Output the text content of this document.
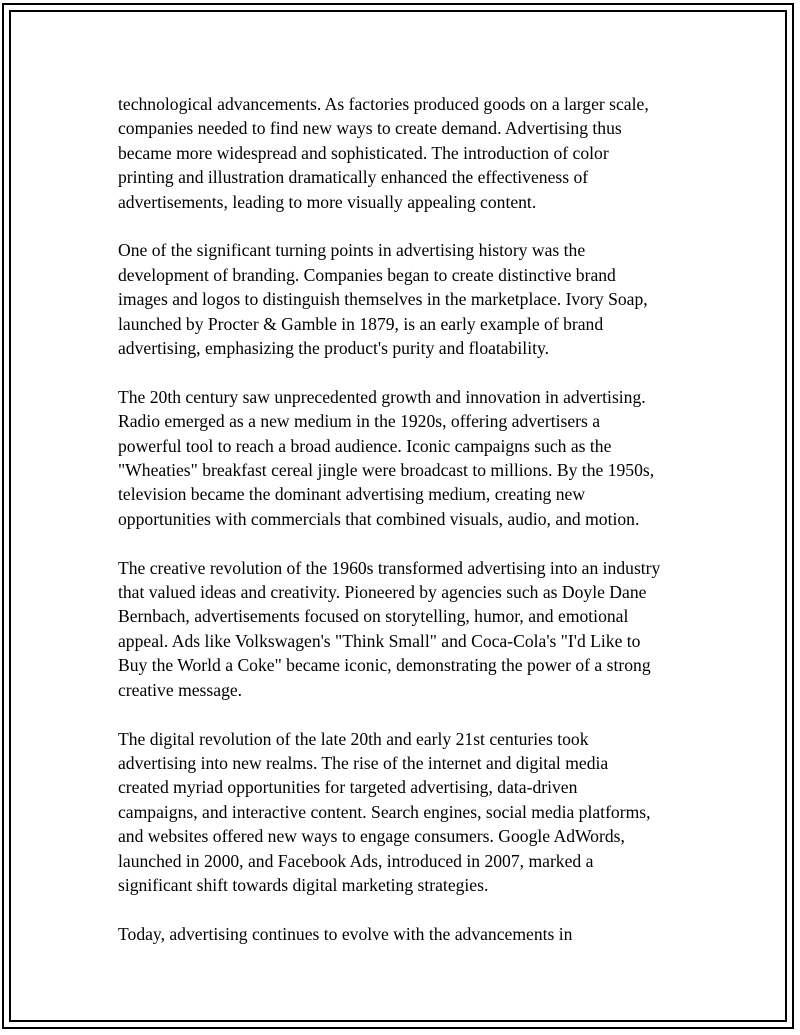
technological advancements. As factories produced goods on a larger scale,
companies needed to find new ways to create demand. Advertising thus
became more widespread and sophisticated. The introduction of color
printing and illustration dramatically enhanced the effectiveness of
advertisements, leading to more visually appealing content.

One of the significant turning points in advertising history was the
development of branding. Companies began to create distinctive brand
images and logos to distinguish themselves in the marketplace. Ivory Soap,
launched by Procter & Gamble in 1879, is an early example of brand
advertising, emphasizing the product's purity and floatability.

The 20th century saw unprecedented growth and innovation in advertising.
Radio emerged as a new medium in the 1920s, offering advertisers a
powerful tool to reach a broad audience. Iconic campaigns such as the
"Wheaties" breakfast cereal jingle were broadcast to millions. By the 1950s,
television became the dominant advertising medium, creating new
opportunities with commercials that combined visuals, audio, and motion.

The creative revolution of the 1960s transformed advertising into an industry
that valued ideas and creativity. Pioneered by agencies such as Doyle Dane
Bernbach, advertisements focused on storytelling, humor, and emotional
appeal. Ads like Volkswagen's "Think Small" and Coca-Cola's "I'd Like to
Buy the World a Coke" became iconic, demonstrating the power of a strong
creative message.

The digital revolution of the late 20th and early 21st centuries took
advertising into new realms. The rise of the internet and digital media
created myriad opportunities for targeted advertising, data-driven
campaigns, and interactive content. Search engines, social media platforms,
and websites offered new ways to engage consumers. Google AdWords,
launched in 2000, and Facebook Ads, introduced in 2007, marked a
significant shift towards digital marketing strategies.

Today, advertising continues to evolve with the advancements in
